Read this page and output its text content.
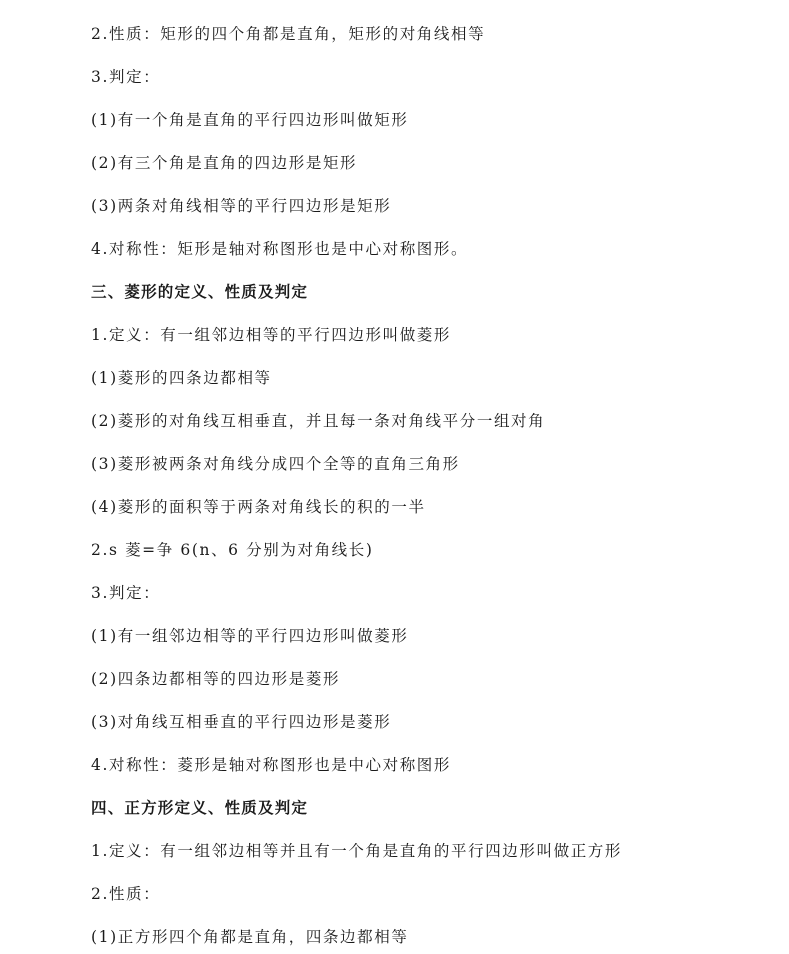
2.性质：矩形的四个角都是直角，矩形的对角线相等
3.判定：
(1)有一个角是直角的平行四边形叫做矩形
(2)有三个角是直角的四边形是矩形
(3)两条对角线相等的平行四边形是矩形
4.对称性：矩形是轴对称图形也是中心对称图形。
三、菱形的定义、性质及判定
1.定义：有一组邻边相等的平行四边形叫做菱形
(1)菱形的四条边都相等
(2)菱形的对角线互相垂直，并且每一条对角线平分一组对角
(3)菱形被两条对角线分成四个全等的直角三角形
(4)菱形的面积等于两条对角线长的积的一半
2.s 菱=争 6(n、6 分别为对角线长)
3.判定：
(1)有一组邻边相等的平行四边形叫做菱形
(2)四条边都相等的四边形是菱形
(3)对角线互相垂直的平行四边形是菱形
4.对称性：菱形是轴对称图形也是中心对称图形
四、正方形定义、性质及判定
1.定义：有一组邻边相等并且有一个角是直角的平行四边形叫做正方形
2.性质：
(1)正方形四个角都是直角，四条边都相等
